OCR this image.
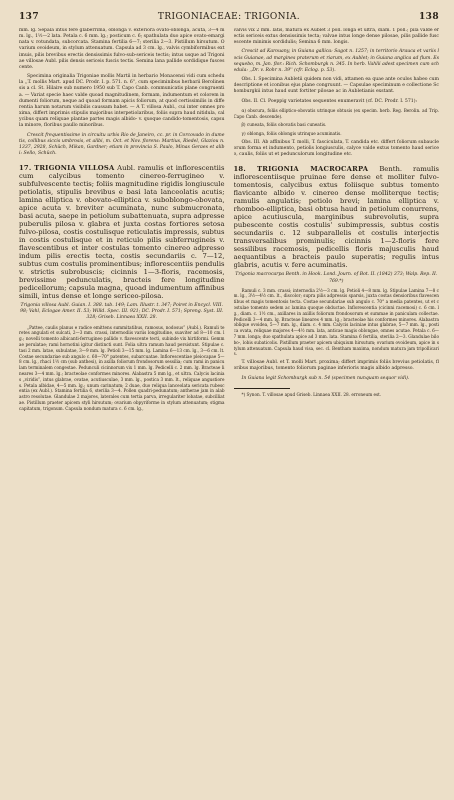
137	TRIGONIACEAE: TRIGONIA.	138

mm. lg. Sepala intus fere glaberrima, oblonga v. exteriora ovato-oblonga, acuta, 3—4 mm. lg., 1½—2 lata. Petala c. 6 mm. lg.; posticum c. 6; spathulata duo apice ovato-emarginata v. rotundata, subcorcata. Stamina fertilia 6—7; sterilia 2—3. Pistillum hirsutum. Ovarium ovoideum, in stylum attenuatum. Capsula ad 3 cm. lg., valvis cymbiformibus extimuis, pilis brevibus erectis densissimis fulvo-sub-sericeis tectis; intus usque ad Trigoniae villosae Aubl. pilis densis sericeis fuscis tectis. Semina lana pallide sordidique fuscescente.

Specimina originalia Trigoniae mollis Martii in herbario Monacensi vidi cum schedula ,,T. mollis Mart. apud DC. Prodr. I. p. 571. n. 6'', cum speciminibus herbarii Berolinensis a cl. St. Hilaire sub numero 1950 sub T. Capo Canb. communicatis plane congruentia. — Variat specie haec valde quoad magnitudinem, formam, indumentum et colorem indumenti foliorum, neque ad quoad formam apicis foliorum, at quod certissimilis in differentia harum notarum visibilis caussam habet. — A T. villosa Aubl., cui inter omnes proxima, differt imprimis stipulis majoribus interpetiolaribus, foliis supra haud nitidula, calycibus quam reliquae plantae partes magis albido- v. quoque candido-tomentosis, capsula minore, floribus paullo minoribus.

Crescit frequentissime in circuitu urbis Rio de Janeiro, cc. pr. in Corcovado in dumetis, collibus siccis umbrosis, et alibi, m. Oct. et Nov. florens: Martius, Riedel, Glaziou n. 1337, 2928, Schüch, Mikan, Gardner; etiam in provincia S. Paulo, Minas Geraes et alibi: Sello, Schüch.

17. TRIGONIA VILLOSA Aubl. ramulis et inflorescentiis cum calycibus tomento cinereo-ferrugineo v. subfulvescente tectis; foliis magnitudine rigidis longiuscule petiolatis, stipulis brevibus e basi lata lanceolatis acutis; lamina elliptica v. obovato-elliptica v. suboblongo-obovata, apice acuta v. breviter acuminata, nunc submucronata, basi acuta, saepe in petiolum subattenuata, supra adpresse puberulis pilosa v. glabra et juxta costas fortiores setosa fulvo-pilosa, costis costulisque reticulatis impressis, subtus in costis costulisque et in reticulo pilis subferrugineis v. flavescentibus et inter costulas tomento cinereo adpresso indum pilis erectis tecta, costis secundariis c. 7—12, subtus cum costulis prominentibus; inflorescentiis pendulis v. strictis subrobuscis; cicinnis 1—3-floris, racemosis, brevissime pedunculatis, bracteis fere longitudine pedicellorum; capsula magna, quoad indumentum affinibus simili, intus dense et longe sericeo-pilosa.

Trigonia villosa Aubl. Guian. I. 388. tab. 149; Lam. Illustr. t. 347; Poiret in Encycl. VIII. 98; Vahl, Eclogae Amer. II. 53; Willd. Spec. III. 921; DC. Prodr. I. 571; Spreng. Syst. III. 328; Griseb. Linnaea XXII. 28.

„Pattee, caulis planus e radice emittens summitatibus, ramosus, nodosus“ (Aubl.). Ramuli teretes angulati et sulcati, 2—3 mm. crassi, internodiis variis longitudine, suaviter ad 8—10 cm. lg.; novelli tomento albicanti-ferrugineo pallido v. flavescente tecti, subinde vix hirtiformi. Gemmae perulatae; rami hornotini igitur distincti sunt. Folia ultra ramum haud persistunt. Stipulae c. tasi 2 mm. latae, subulatae, 3—9 mm. lg. Petioli 3—15 mm. lg. Lamina 6—13 cm. lg., 3—6 cm. lt. Costae secundariae sub angulo c. 60—70° patentes, subarcuatae. Inflorescentiae pleiocapae 5—8 cm. lg., rhaci 1½ cm (sub anthesi), in axilla foliorum frondosorum sessilia; cum rami in paniculam terminalem congestae. Pedunculi cicinnorum vix 1 mm. lg. Pedicelli c. 2 mm. lg. Bracteae lineares 3—4 mm. lg.; bracteolae conformes minores. Alabastra 5 mm lg., et ultra. Calycis lacinias „viridis“, intus glabrae, ovatae, acutiusculae, 3 mm. lg., postica 3 mm. lt., reliquae angustiores. Petala albidae, 4—5 mm. lg.; unum carinatum; 2 duae, duo reliqua lanceolata sericata rubescentia (ex Aubl.). Stamina fertilia 6, sterilia 3—4. Pollen quadri-pedunatum; antherae jam in alabastro resolutae. Glandulae 2 majores, laterales cum tertia parva, irregulariter lobatae, subcilliatae. Pistillum praeter apicem styli hirsutum; ovarium obpyriforme in stylum attenuatum; stigma capitatum, trigonum. Capsula nondum matura c. 6 cm. lg.,

valvis vix 2 mm. latis, matura ex Aublet 3 poll. longa et ultra, diam. 1 poll.; pila valde erectis sericeis extus densissimis tecta; valvae intus longe dense pilosae, pilis pallide fuscescente minimis sordidulis; Semina 6 mm. longis.

Crescit ad Karouany, in Guiana gallica: Sagot n. 1257; in territorio Arauca et variis locis Guianae, ad margines praterum et riarum, ex Aublet; in Guiana anglica ad flum. Essequebo, m. Jan. flor.: Rich. Schomburgk n. 345. In herb. Vahlii adest specimen cum schedula: ,,Dr. v. Rohr n. 39'' (cfr. Eclog. p. 53).

Obs. I. Specimina Aubletii quidem non vidi, attamen ea quae ante oculos habeo cum descriptione et iconibus ejus plane congruunt. — Capsulae speciminum e collectione Schomburgkii intus haud sunt fortiter pilosae ac in Aubletianis exstant.

Obs. II. Cl. Poeppig varietates sequentes enumeravit (cf. DC. Prodr. I. 571):

α) obscura, foliis elliptico-obovatis utrinque obtusis (ex specim. herb. Reg. Berolin. ad Trip. Capo Canb. descende).

β) cuneata, foliis obovatis basi cuneatis.

γ) oblonga, foliis oblongis utrinque acuminatis.

Obs. III. Ab affinibus T. molli, T. fasciculata, T. candida etc. differt foliorum subaucleorum forma et indumento, petiolis longiusculis, calyce valde extus tomento haud sericeo, caulis, foliis ut et pedunculorum longitudine etc.

18. TRIGONIA MACROCARPA Benth. ramulis inflorescentiisque pruinae fere dense et molliter fulvo-tomentosis, calycibus extus foliisque subtus tomento flavicante albido v. cinereo dense molliterque tectis; ramulis angulatis; petiolo brevi; lamina elliptica v. rhomboo-elliptica, basi obtusa haud in petiolum conurrens, apice acutiuscula, marginibus subrevolutis, supra pubescente costis costulis' subimpressis, subtus costis secundariis c. 12 subparallelis et costulis interjectis transversalibus prominulis; cicinnis 1—2-floris fere sessilibus racemosis, pedicellis floris majusculis haud aequantibus a bracteis paulo superatis; regulis intus glabris, acutis v. fere acuminatis.

Trigonia macrocarpa Benth. in Hook. Lond. Journ. of Bot. II. (1842) 373; Walp. Rep. II. 769.*)

Ramuli c. 3 mm. crassi; internodia 2½—3 cm. lg. Petioli 4—8 mm. lg. Stipulae Lamina 7—8 cm. lg., 3½—4½ cm. lt., discolor; supra pilis adpressis sparsis, juxta costas densioribus flavescentibus et magis tomentosis tecta. Costae secundariae sub angulo c. 70° a media patentes, ut et costulae tomento sedem ac lamina quoque obductae. Inflorescentia (cicinni racemosi) c. 6 cm. lg., diam. c. 1½ cm., axillares in axillis foliorum frondosorum et summae in paniculam collectae. Pedicelli 3—4 mm. lg. Bracteae lineares 4 mm. lg.; bracteolae his conformes minores. Alabastra oblique ovoidea, 5—7 mm. lg., diam. c. 4 mm. Calycis laciniae intus glabrae, 5—7 mm. lg., postica ovata, reliquae majores 4—4½ mm. lata, anticae magis oblongae, omnes acutae. Petala c. 6—7 mm. longa; duo spathulata apice ad 3 mm. lata. Stamina 6 fertilia, sterilia 2—3. Glandulae bilobo-, lobis subaticolis. Pistillum praeter apicem ubiquium hirsutum; ovarium ovoideum, apice in stylum attenuatum. Capsula haud visa, sec. cl. Bentham maxima, nondum matura jam tripollicaris.

T. villosae Aubl. et T. molli Mart. proxima; differt imprimis foliis brevius petiolatis, floribus majoribus, tomento foliorum paginae inferioris magis albido adpresso.

In Guiana legit Schomburgk sub n. 54 (specimen nunquam sequor vidi).

*) Synon. T. villosae apud Griseb. Linnaea XXII. 28. erroneum est.
